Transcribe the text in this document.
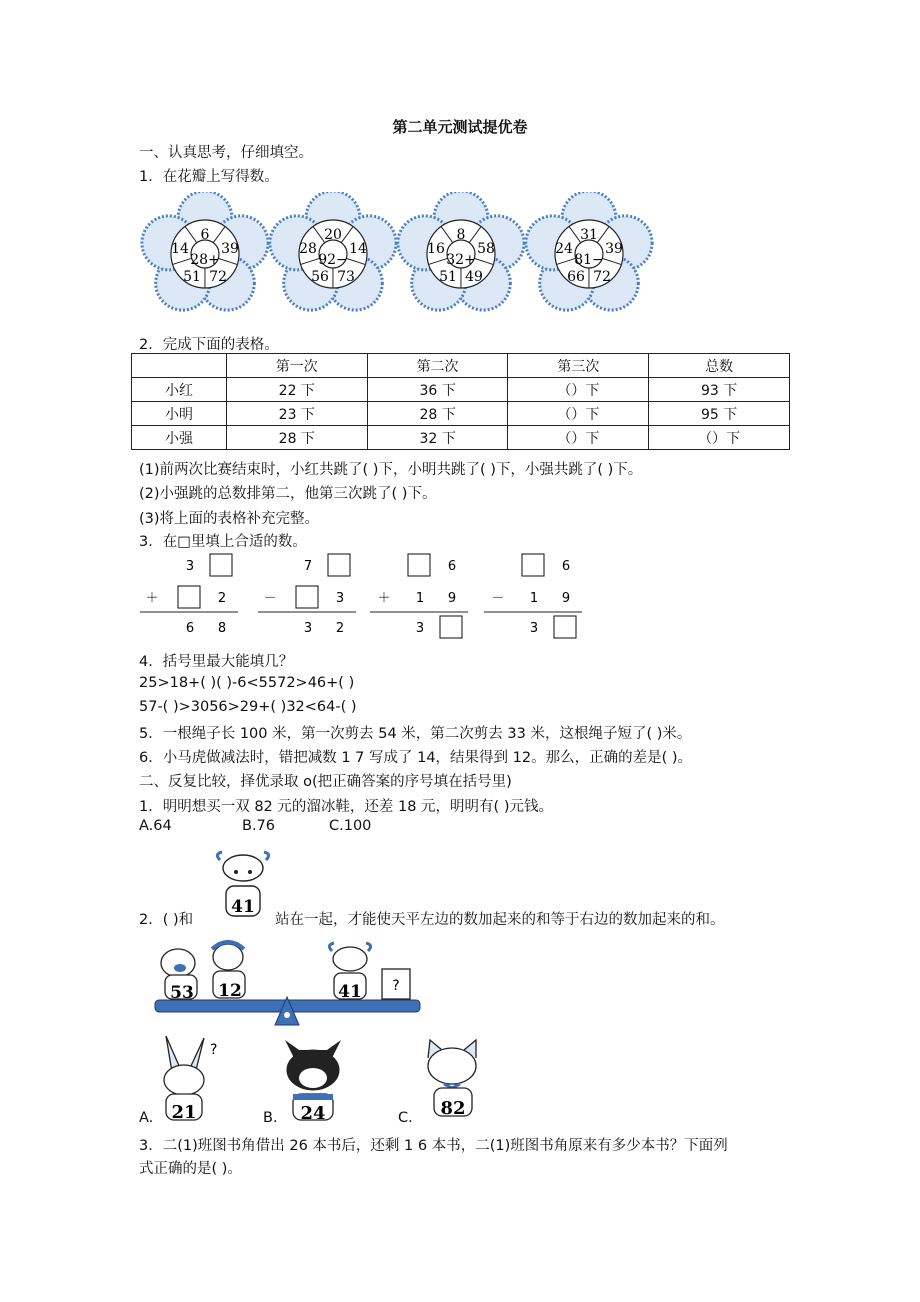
第二单元测试提优卷
一、认真思考，仔细填空。
1．在花瓣上写得数。
6
39
14
51 72
28+
20
14
28
56 73
92−
8
58
16
51 49
32+
31
39
24
66 72
81−
2．完成下面的表格。
	第一次	第二次	第三次	总数
小红	22 下	36 下	（）下	93 下
小明	23 下	28 下	（）下	95 下
小强	28 下	32 下	（）下	（）下
(1)前两次比赛结束时，小红共跳了( )下，小明共跳了( )下，小强共跳了( )下。
(2)小强跳的总数排第二，他第三次跳了( )下。
(3)将上面的表格补充完整。
3．在□里填上合适的数。
3
＋	2
6 8
7
－	3
3 2
6
＋ 1 9
3
6
－ 1 9
3
4．括号里最大能填几？
25>18+( )( )-6<5572>46+( )
57-( )>3056>29+( )32<64-( )
5．一根绳子长 100 米，第一次剪去 54 米，第二次剪去 33 米，这根绳子短了( )米。
6．小马虎做减法时，错把减数 1 7 写成了 14，结果得到 12。那么，正确的差是( )。
二、反复比较，择优录取 o(把正确答案的序号填在括号里)
1．明明想买一双 82 元的溜冰鞋，还差 18 元，明明有( )元钱。
A.64	B.76	C.100
41
2．( )和	站在一起，才能使天平左边的数加起来的和等于右边的数加起来的和。
53 12	41 ?
A.
?
21	B. 24	C. 82
3．二(1)班图书角借出 26 本书后，还剩 1 6 本书，二(1)班图书角原来有多少本书？下面列
式正确的是( )。
